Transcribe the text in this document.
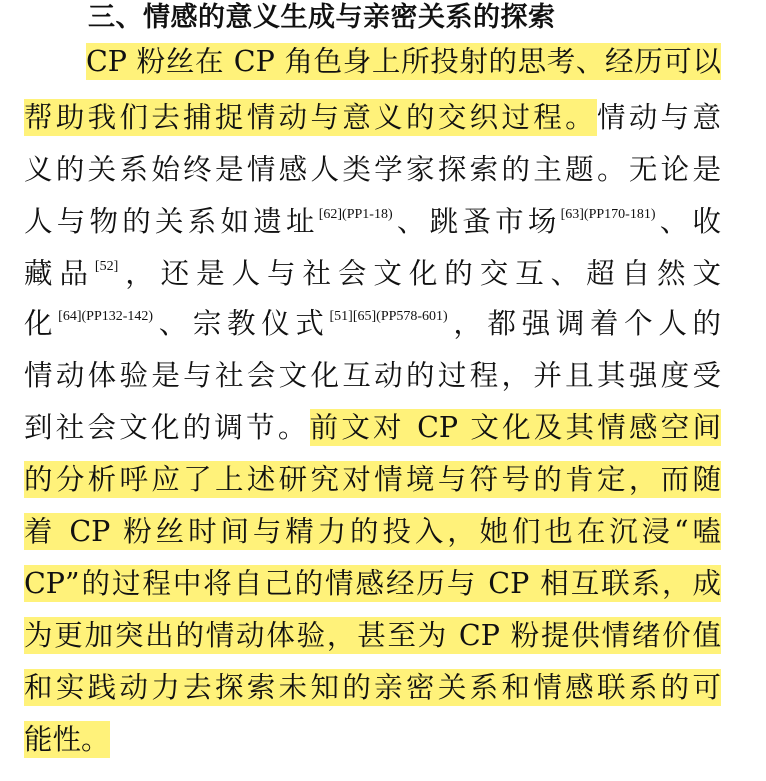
三、情感的意义生成与亲密关系的探索
CP 粉丝在 CP 角色身上所投射的思考、经历可以
帮助我们去捕捉情动与意义的交织过程。情动与意
义的关系始终是情感人类学家探索的主题。无论是
人与物的关系如遗址$^{[62](PP1-18)}$、跳蚤市场$^{[63](PP170-181)}$、收
藏品[52]，还是人与社会文化的交互、超自然文
化$^{[64](PP132-142)}$、宗教仪式$^{[51][65](PP578-601)}$，都强调着个人的
情动体验是与社会文化互动的过程，并且其强度受
到社会文化的调节。前文对 CP 文化及其情感空间
的分析呼应了上述研究对情境与符号的肯定，而随
着 CP 粉丝时间与精力的投入，她们也在沉浸“嗑
CP”的过程中将自己的情感经历与 CP 相互联系，成
为更加突出的情动体验，甚至为 CP 粉提供情绪价值
和实践动力去探索未知的亲密关系和情感联系的可
能性。
